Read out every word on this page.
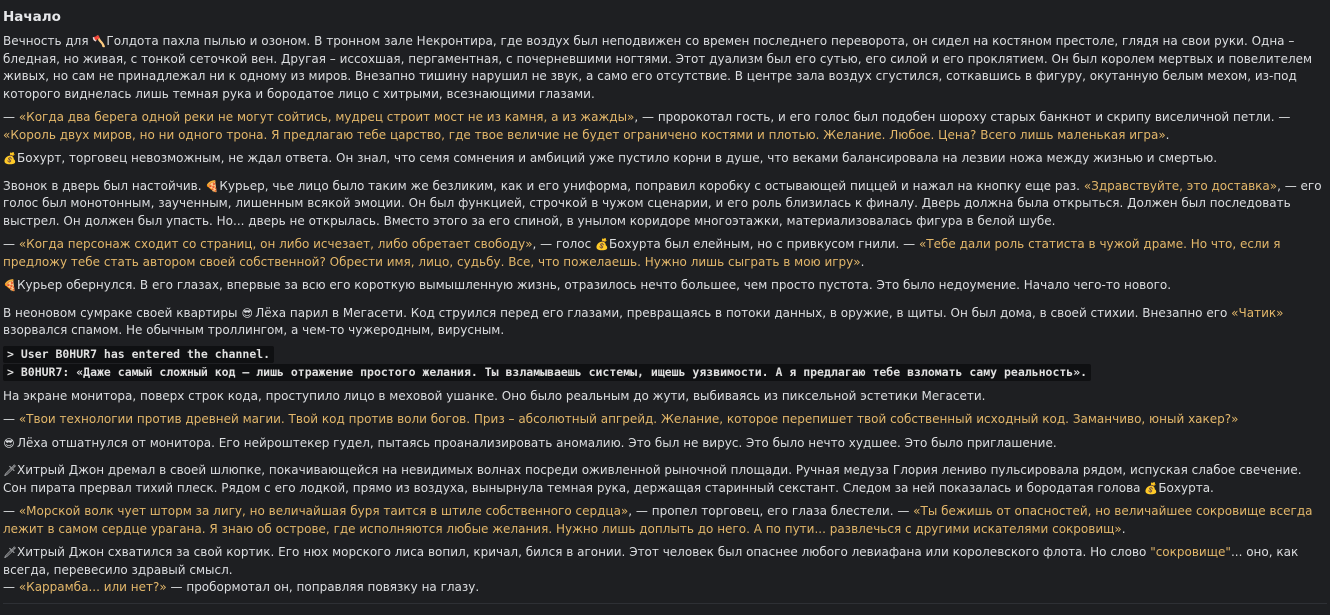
Начало

Вечность для 🪓Голдота пахла пылью и озоном. В тронном зале Некронтира, где воздух был неподвижен со времен последнего переворота, он сидел на костяном престоле, глядя на свои руки. Одна – бледная, но живая, с тонкой сеточкой вен. Другая – иссохшая, пергаментная, с почерневшими ногтями. Этот дуализм был его сутью, его силой и его проклятием. Он был королем мертвых и повелителем живых, но сам не принадлежал ни к одному из миров. Внезапно тишину нарушил не звук, а само его отсутствие. В центре зала воздух сгустился, соткавшись в фигуру, окутанную белым мехом, из-под которого виднелась лишь темная рука и бородатое лицо с хитрыми, всезнающими глазами.

— «Когда два берега одной реки не могут сойтись, мудрец строит мост не из камня, а из жажды», — пророкотал гость, и его голос был подобен шороху старых банкнот и скрипу виселичной петли. — «Король двух миров, но ни одного трона. Я предлагаю тебе царство, где твое величие не будет ограничено костями и плотью. Желание. Любое. Цена? Всего лишь маленькая игра».

💰Бохурт, торговец невозможным, не ждал ответа. Он знал, что семя сомнения и амбиций уже пустило корни в душе, что веками балансировала на лезвии ножа между жизнью и смертью.

Звонок в дверь был настойчив. 🍕Курьер, чье лицо было таким же безликим, как и его униформа, поправил коробку с остывающей пиццей и нажал на кнопку еще раз. «Здравствуйте, это доставка», — его голос был монотонным, заученным, лишенным всякой эмоции. Он был функцией, строчкой в чужом сценарии, и его роль близилась к финалу. Дверь должна была открыться. Должен был последовать выстрел. Он должен был упасть. Но... дверь не открылась. Вместо этого за его спиной, в унылом коридоре многоэтажки, материализовалась фигура в белой шубе.

— «Когда персонаж сходит со страниц, он либо исчезает, либо обретает свободу», — голос 💰Бохурта был елейным, но с привкусом гнили. — «Тебе дали роль статиста в чужой драме. Но что, если я предложу тебе стать автором своей собственной? Обрести имя, лицо, судьбу. Все, что пожелаешь. Нужно лишь сыграть в мою игру».

🍕Курьер обернулся. В его глазах, впервые за всю его короткую вымышленную жизнь, отразилось нечто большее, чем просто пустота. Это было недоумение. Начало чего-то нового.

В неоновом сумраке своей квартиры 😎 Лёха парил в Мегасети. Код струился перед его глазами, превращаясь в потоки данных, в оружие, в щиты. Он был дома, в своей стихии. Внезапно его «Чатик» взорвался спамом. Не обычным троллингом, а чем-то чужеродным, вирусным.

> User B0HUR7 has entered the channel.
> B0HUR7: «Даже самый сложный код – лишь отражение простого желания. Ты взламываешь системы, ищешь уязвимости. А я предлагаю тебе взломать саму реальность».

На экране монитора, поверх строк кода, проступило лицо в меховой ушанке. Оно было реальным до жути, выбиваясь из пиксельной эстетики Мегасети.

— «Твои технологии против древней магии. Твой код против воли богов. Приз – абсолютный апгрейд. Желание, которое перепишет твой собственный исходный код. Заманчиво, юный хакер?»

😎 Лёха отшатнулся от монитора. Его нейроштекер гудел, пытаясь проанализировать аномалию. Это был не вирус. Это было нечто худшее. Это было приглашение.

🗡Хитрый Джон дремал в своей шлюпке, покачивающейся на невидимых волнах посреди оживленной рыночной площади. Ручная медуза Глория лениво пульсировала рядом, испуская слабое свечение. Сон пирата прервал тихий плеск. Рядом с его лодкой, прямо из воздуха, вынырнула темная рука, держащая старинный секстант. Следом за ней показалась и бородатая голова 💰Бохурта.

— «Морской волк чует шторм за лигу, но величайшая буря таится в штиле собственного сердца», — пропел торговец, его глаза блестели. — «Ты бежишь от опасностей, но величайшее сокровище всегда лежит в самом сердце урагана. Я знаю об острове, где исполняются любые желания. Нужно лишь доплыть до него. А по пути... развлечься с другими искателями сокровищ».

🗡Хитрый Джон схватился за свой кортик. Его нюх морского лиса вопил, кричал, бился в агонии. Этот человек был опаснее любого левиафана или королевского флота. Но слово "сокровище"... оно, как всегда, перевесило здравый смысл.

— «Каррамба... или нет?» — пробормотал он, поправляя повязку на глазу.
